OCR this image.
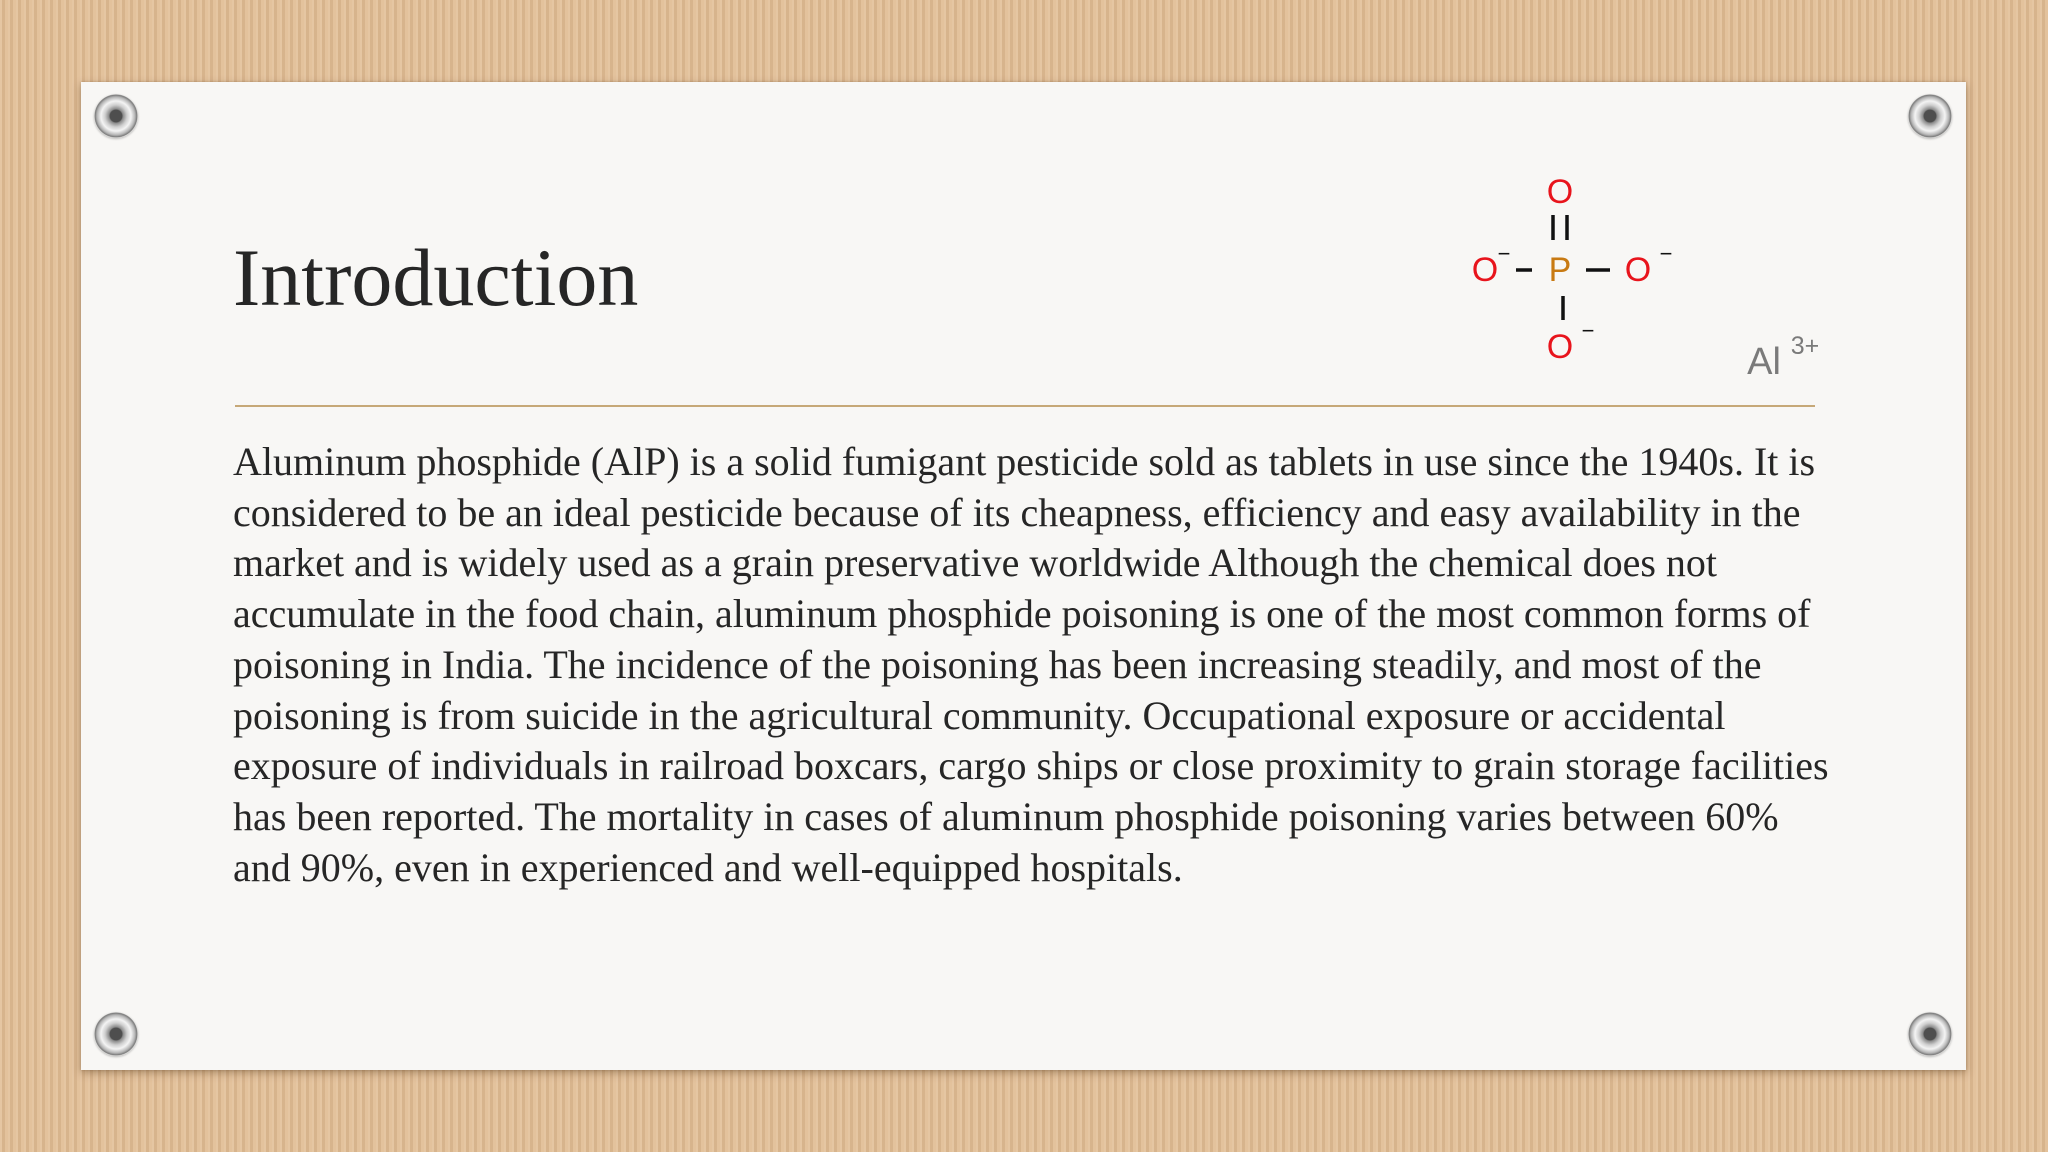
Introduction

Aluminum phosphide (AlP) is a solid fumigant pesticide sold as tablets in use since the 1940s. It is considered to be an ideal pesticide because of its cheapness, efficiency and easy availability in the market and is widely used as a grain preservative worldwide Although the chemical does not accumulate in the food chain, aluminum phosphide poisoning is one of the most common forms of poisoning in India. The incidence of the poisoning has been increasing steadily, and most of the poisoning is from suicide in the agricultural community. Occupational exposure or accidental exposure of individuals in railroad boxcars, cargo ships or close proximity to grain storage facilities has been reported. The mortality in cases of aluminum phosphide poisoning varies between 60% and 90%, even in experienced and well-equipped hospitals.

O
O − P O −
O −
Al 3+
